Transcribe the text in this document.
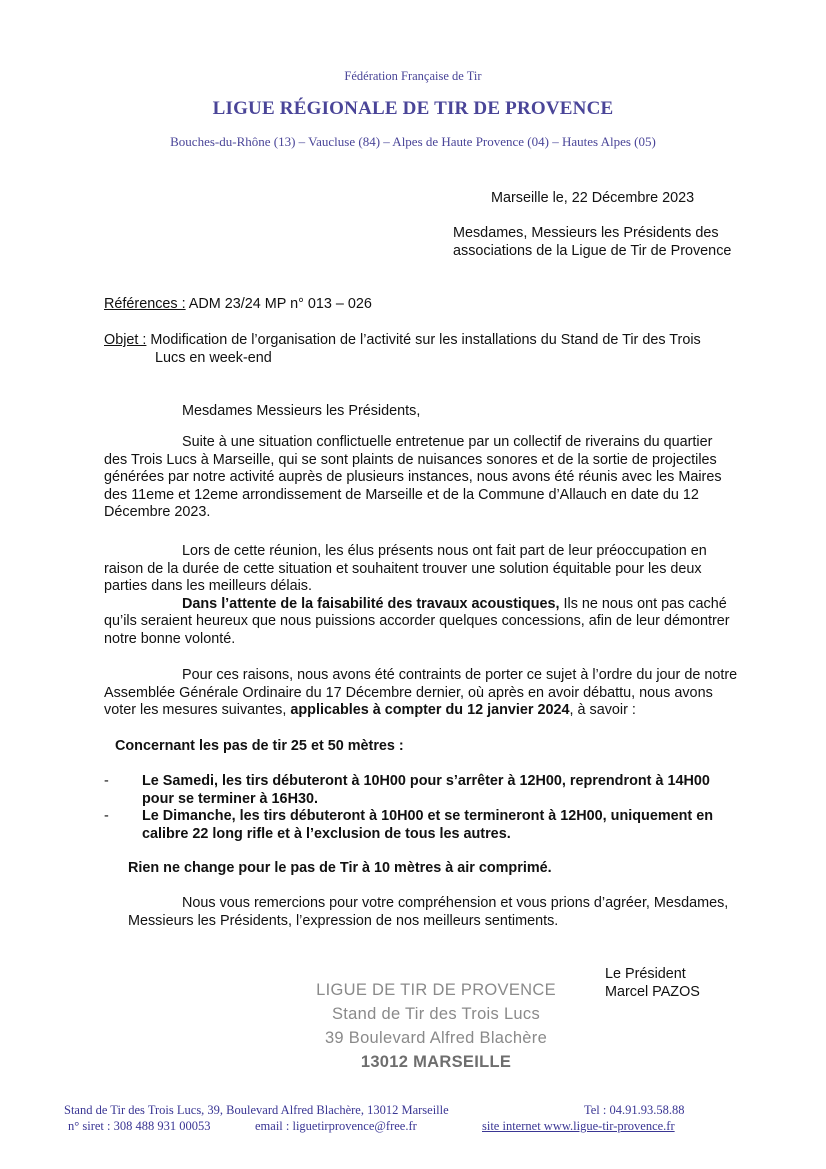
Fédération Française de Tir
LIGUE RÉGIONALE DE TIR DE PROVENCE
Bouches-du-Rhône (13) – Vaucluse (84) – Alpes de Haute Provence (04) – Hautes Alpes (05)
Marseille le, 22 Décembre 2023
Mesdames, Messieurs les Présidents des
associations de la Ligue de Tir de Provence
Références : ADM 23/24 MP n° 013 – 026
Objet : Modification de l’organisation de l’activité sur les installations du Stand de Tir des Trois
Lucs en week-end
Mesdames Messieurs les Présidents,
Suite à une situation conflictuelle entretenue par un collectif de riverains du quartier
des Trois Lucs à Marseille, qui se sont plaints de nuisances sonores et de la sortie de projectiles
générées par notre activité auprès de plusieurs instances, nous avons été réunis avec les Maires
des 11eme et 12eme arrondissement de Marseille et de la Commune d’Allauch en date du 12
Décembre 2023.
Lors de cette réunion, les élus présents nous ont fait part de leur préoccupation en
raison de la durée de cette situation et souhaitent trouver une solution équitable pour les deux
parties dans les meilleurs délais.
Dans l’attente de la faisabilité des travaux acoustiques, Ils ne nous ont pas caché
qu’ils seraient heureux que nous puissions accorder quelques concessions, afin de leur démontrer
notre bonne volonté.
Pour ces raisons, nous avons été contraints de porter ce sujet à l’ordre du jour de notre
Assemblée Générale Ordinaire du 17 Décembre dernier, où après en avoir débattu, nous avons
voter les mesures suivantes, applicables à compter du 12 janvier 2024, à savoir :
Concernant les pas de tir 25 et 50 mètres :
- Le Samedi, les tirs débuteront à 10H00 pour s’arrêter à 12H00, reprendront à 14H00
pour se terminer à 16H30.
- Le Dimanche, les tirs débuteront à 10H00 et se termineront à 12H00, uniquement en
calibre 22 long rifle et à l’exclusion de tous les autres.
Rien ne change pour le pas de Tir à 10 mètres à air comprimé.
Nous vous remercions pour votre compréhension et vous prions d’agréer, Mesdames,
Messieurs les Présidents, l’expression de nos meilleurs sentiments.
Le Président
Marcel PAZOS
LIGUE DE TIR DE PROVENCE
Stand de Tir des Trois Lucs
39 Boulevard Alfred Blachère
13012 MARSEILLE
Stand de Tir des Trois Lucs, 39, Boulevard Alfred Blachère, 13012 Marseille	Tel : 04.91.93.58.88
n° siret : 308 488 931 00053	email : liguetirprovence@free.fr	site internet www.ligue-tir-provence.fr
